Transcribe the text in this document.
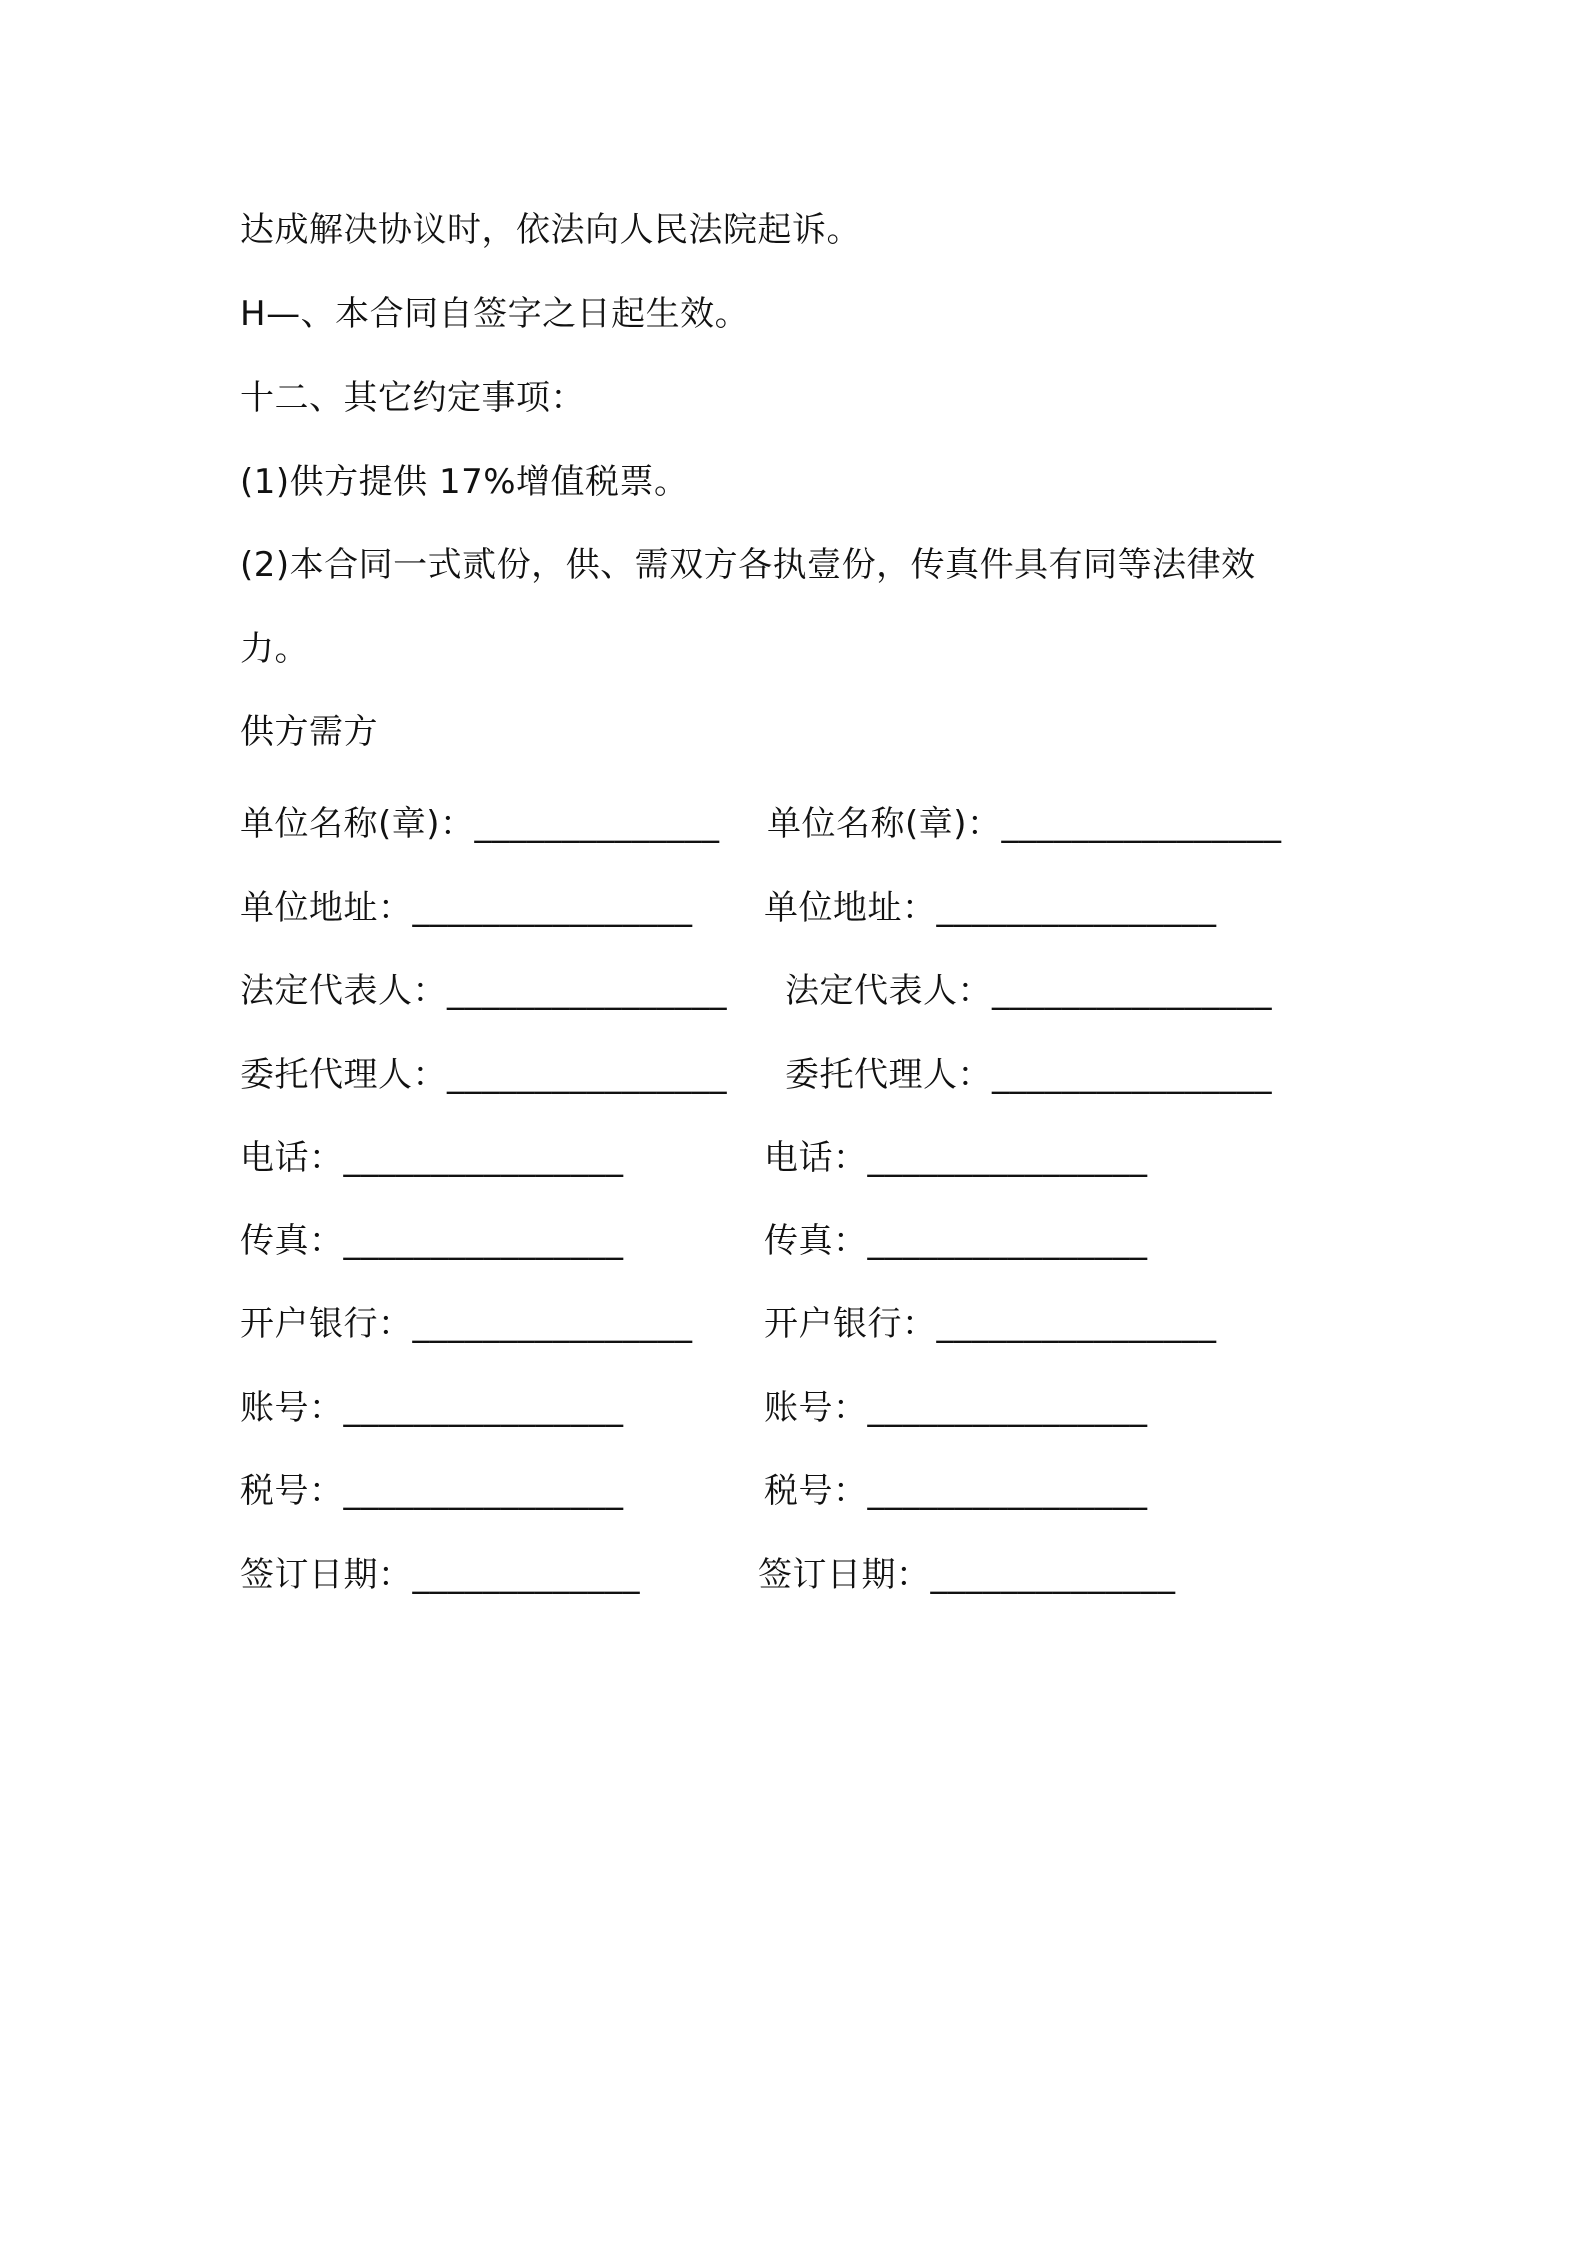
达成解决协议时，依法向人民法院起诉。
H—、本合同自签字之日起生效。
十二、其它约定事项：
(1)供方提供 17%增值税票。
(2)本合同一式贰份，供、需双方各执壹份，传真件具有同等法律效
力。
供方需方
单位名称(章)：______________ 单位名称(章)：________________
单位地址：________________ 单位地址：________________
法定代表人：________________ 法定代表人：________________
委托代理人：________________ 委托代理人：________________
电话：________________	电话：________________
传真：________________	传真：________________
开户银行：________________ 开户银行：________________
账号：________________	账号：________________
税号：________________	税号：________________
签订日期：_____________	签订日期：______________
